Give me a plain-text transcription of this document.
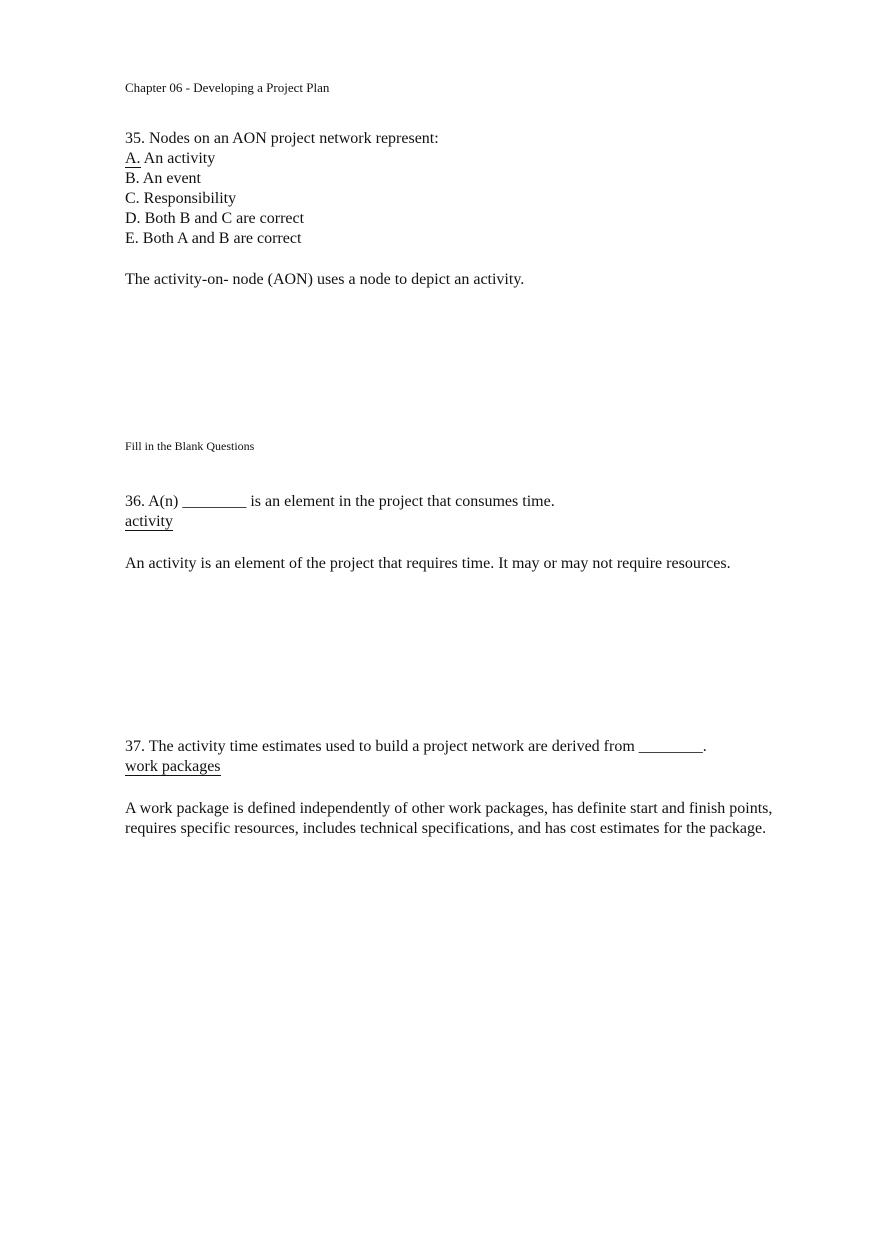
Chapter 06 - Developing a Project Plan
35. Nodes on an AON project network represent:
A. An activity
B. An event
C. Responsibility
D. Both B and C are correct
E. Both A and B are correct
The activity-on- node (AON) uses a node to depict an activity.
Fill in the Blank Questions
36. A(n) ________ is an element in the project that consumes time.
activity
An activity is an element of the project that requires time. It may or may not require resources.
37. The activity time estimates used to build a project network are derived from ________.
work packages
A work package is defined independently of other work packages, has definite start and finish points, requires specific resources, includes technical specifications, and has cost estimates for the package.
